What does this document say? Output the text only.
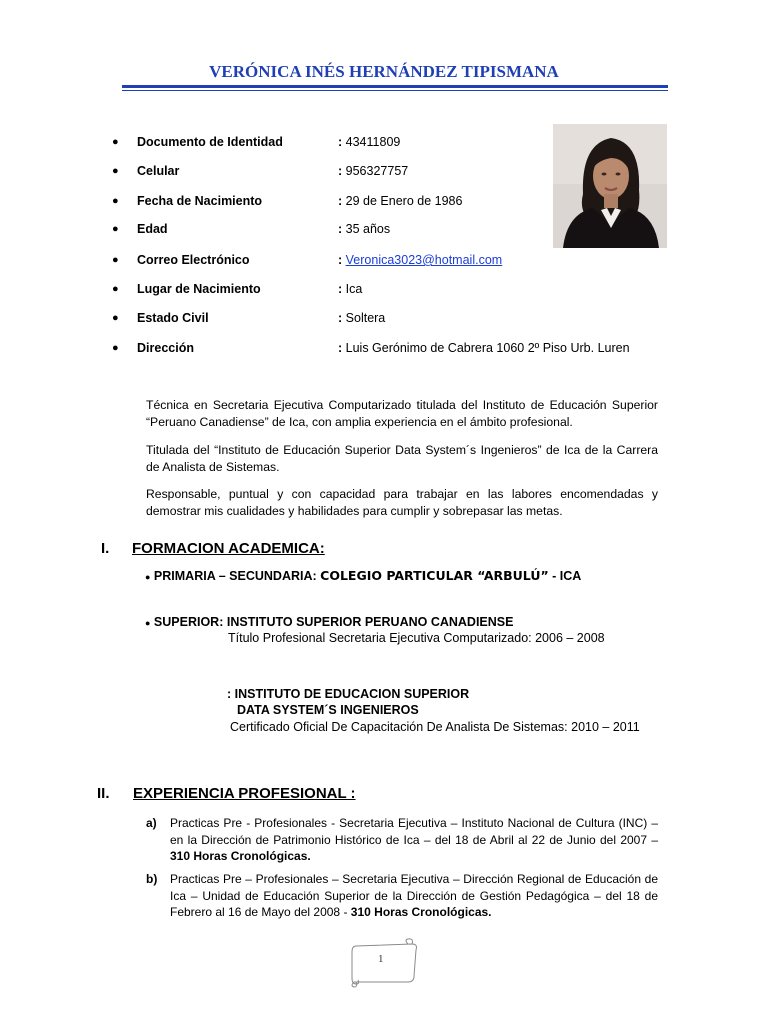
VERÓNICA INÉS HERNÁNDEZ TIPISMANA
● Documento de Identidad	: 43411809
● Celular	: 956327757
● Fecha de Nacimiento	: 29 de Enero de 1986
● Edad	: 35 años
● Correo Electrónico	: Veronica3023@hotmail.com
● Lugar de Nacimiento	: Ica
● Estado Civil	: Soltera
● Dirección	: Luis Gerónimo de Cabrera 1060 2º Piso Urb. Luren
Técnica en Secretaria Ejecutiva Computarizado titulada del Instituto de Educación Superior “Peruano Canadiense” de Ica, con amplia experiencia en el ámbito profesional.
Titulada del “Instituto de Educación Superior Data System´s Ingenieros” de Ica de la Carrera de Analista de Sistemas.
Responsable, puntual y con capacidad para trabajar en las labores encomendadas y demostrar mis cualidades y habilidades para cumplir y sobrepasar las metas.
I. FORMACION ACADEMICA:
● PRIMARIA – SECUNDARIA: COLEGIO PARTICULAR “ARBULÚ” - ICA
● SUPERIOR: INSTITUTO SUPERIOR PERUANO CANADIENSE
Título Profesional Secretaria Ejecutiva Computarizado: 2006 – 2008
: INSTITUTO DE EDUCACION SUPERIOR
DATA SYSTEM´S INGENIEROS
Certificado Oficial De Capacitación De Analista De Sistemas: 2010 – 2011
II. EXPERIENCIA PROFESIONAL :
a) Practicas Pre - Profesionales - Secretaria Ejecutiva – Instituto Nacional de Cultura (INC) – en la Dirección de Patrimonio Histórico de Ica – del 18 de Abril al 22 de Junio del 2007 – 310 Horas Cronológicas.
b) Practicas Pre – Profesionales – Secretaria Ejecutiva – Dirección Regional de Educación de Ica – Unidad de Educación Superior de la Dirección de Gestión Pedagógica – del 18 de Febrero al 16 de Mayo del 2008 - 310 Horas Cronológicas.
1
